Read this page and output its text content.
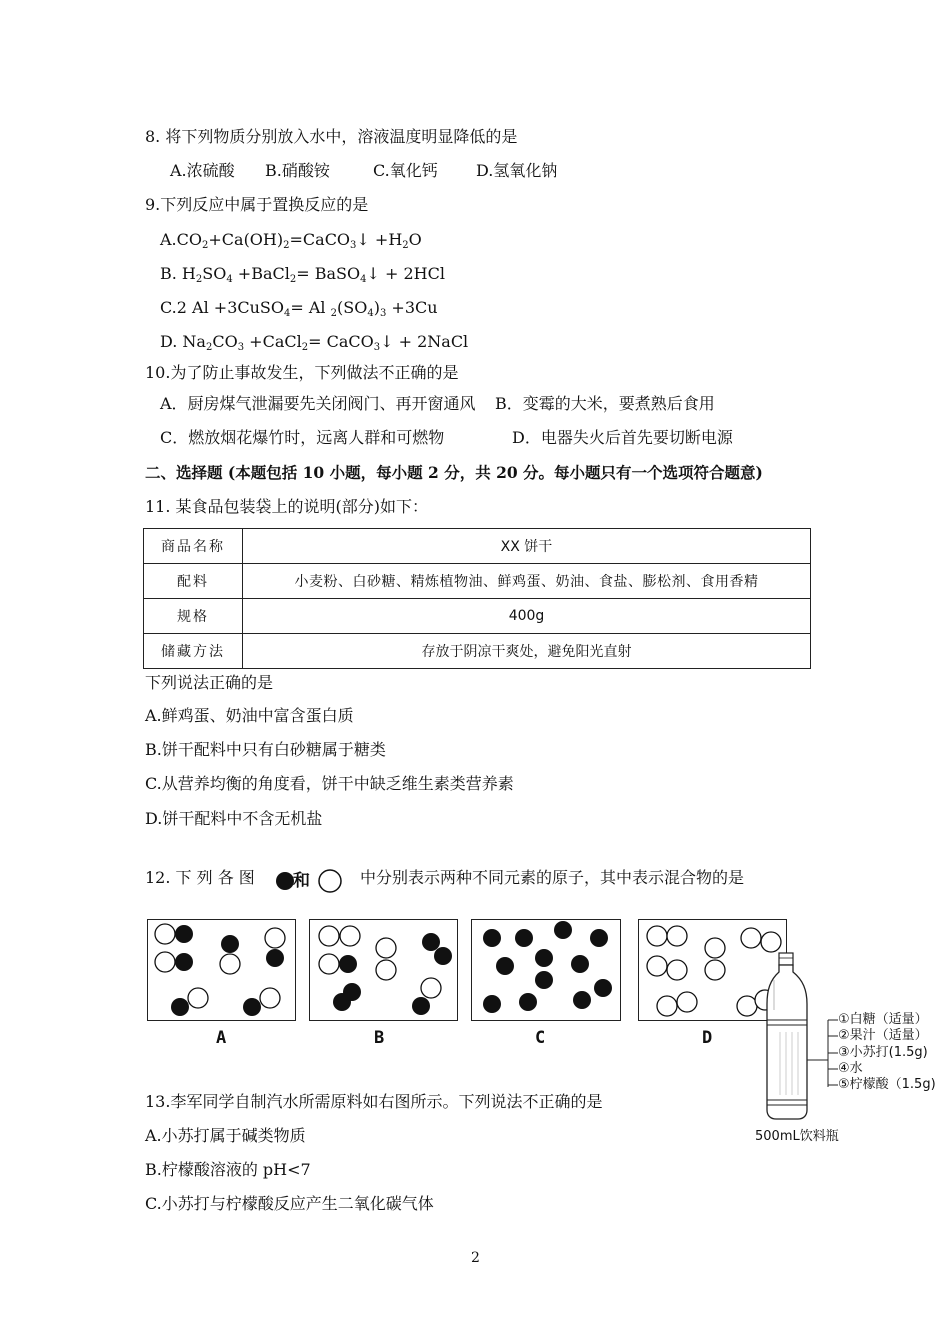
8. 将下列物质分别放入水中，溶液温度明显降低的是
A.浓硫酸 B.硝酸铵	C.氧化钙 D.氢氧化钠
9.下列反应中属于置换反应的是
$A.CO_2+Ca(OH)_2=CaCO_3↓ +H_2O$
B. $H_2SO_4$ +BaCl$_2$= BaSO$_4$↓ + 2HCl
C.2 Al +3CuSO$_4$= Al $_2(SO_4)_3 +3Cu$
D. $Na_2CO_3$ +CaCl$_2$= CaCO$_3$↓ + 2NaCl
10.为了防止事故发生，下列做法不正确的是
A．厨房煤气泄漏要先关闭阀门、再开窗通风 B．变霉的大米，要煮熟后食用
C．燃放烟花爆竹时，远离人群和可燃物	D．电器失火后首先要切断电源
二、选择题 (本题包括 10 小题，每小题 2 分，共 20 分。每小题只有一个选项符合题意)
11. 某食品包装袋上的说明(部分)如下：
商品名称	XX 饼干
配料	小麦粉、白砂糖、精炼植物油、鲜鸡蛋、奶油、食盐、膨松剂、食用香精
规格	400g
储藏方法	存放于阴凉干爽处，避免阳光直射
下列说法正确的是
A.鲜鸡蛋、奶油中富含蛋白质
B.饼干配料中只有白砂糖属于糖类
C.从营养均衡的角度看，饼干中缺乏维生素类营养素
D.饼干配料中不含无机盐
12. 下 列 各 图 和	中分别表示两种不同元素的原子，其中表示混合物的是
A	B	C	D
①白糖（适量）
②果汁（适量）
③小苏打(1.5g)
④水
⑤柠檬酸（1.5g)
500mL饮料瓶
13.李军同学自制汽水所需原料如右图所示。下列说法不正确的是
A.小苏打属于碱类物质
B.柠檬酸溶液的 pH<7
C.小苏打与柠檬酸反应产生二氧化碳气体
2
